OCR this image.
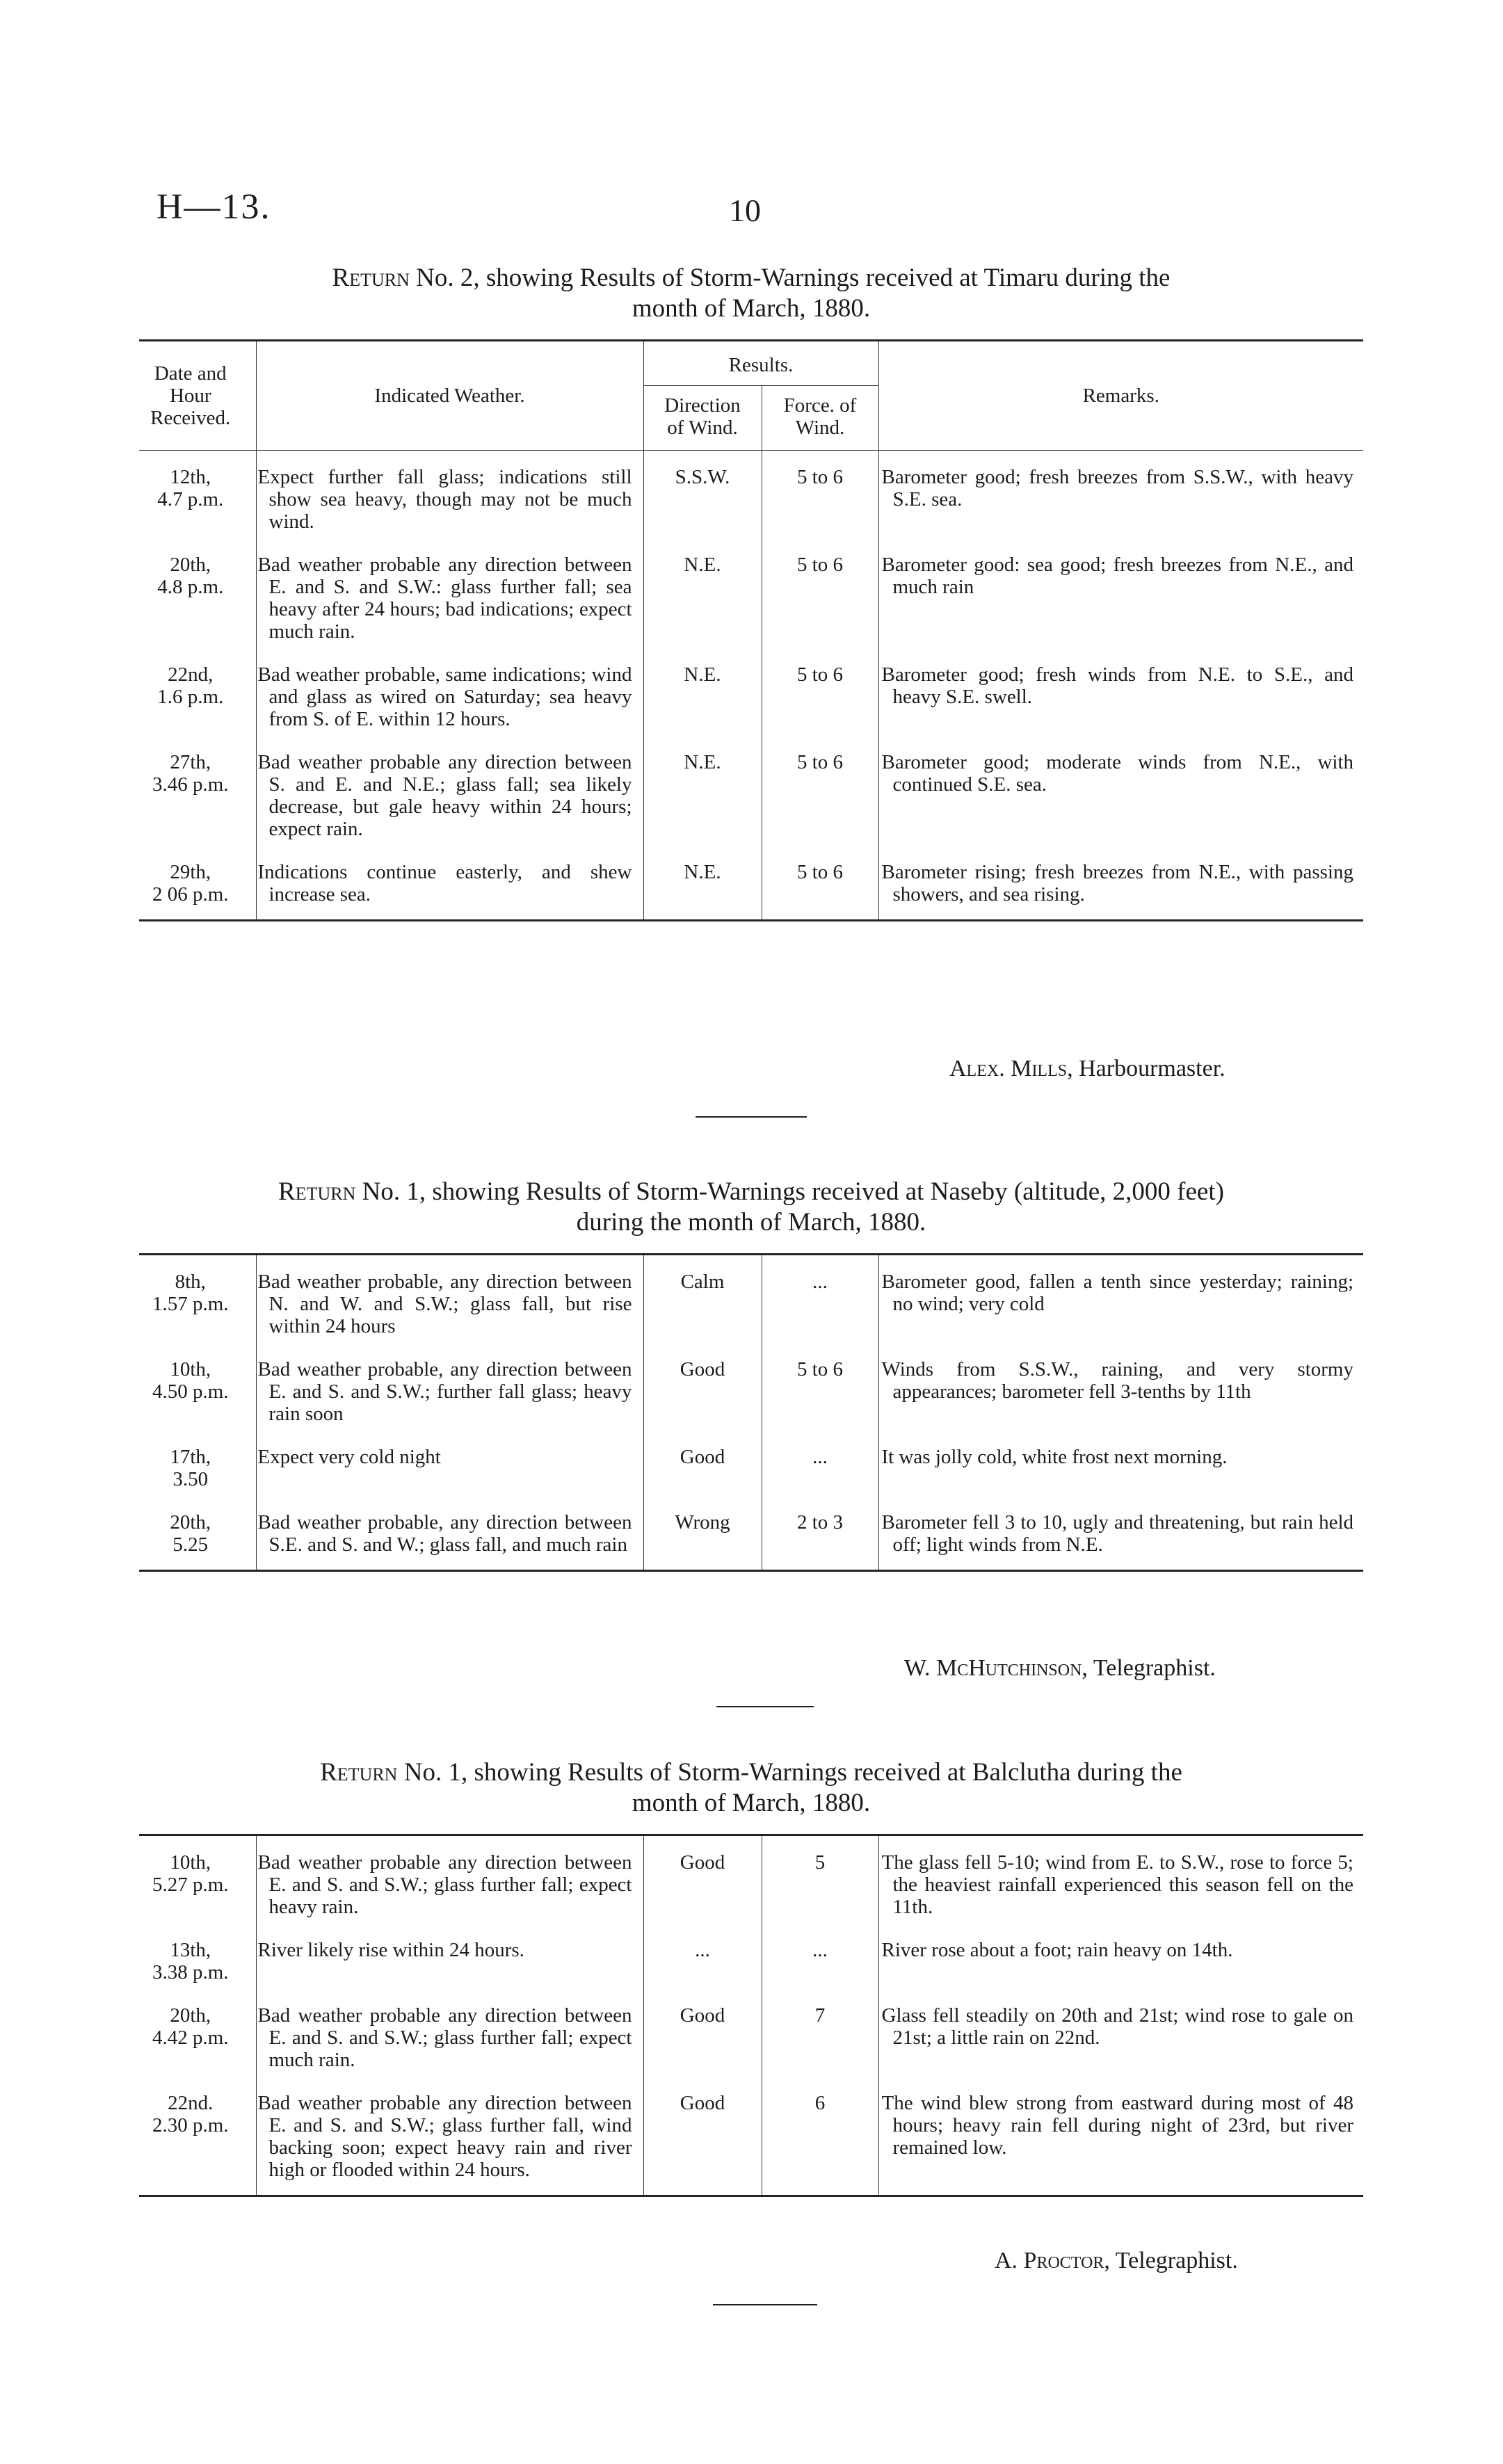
H—13.	10
Return No. 2, showing Results of Storm-Warnings received at Timaru during the
month of March, 1880.
Date and Hour Received.	Indicated Weather.	Results.		Remarks.
		Direction of Wind.	Force. of Wind.	
12th,
4.7 p.m.	Expect further fall glass; indications still show sea heavy, though may not be much wind.	S.S.W.	5 to 6	Barometer good; fresh breezes from S.S.W., with heavy S.E. sea.
20th,
4.8 p.m.	Bad weather probable any direction between E. and S. and S.W.: glass further fall; sea heavy after 24 hours; bad indications; expect much rain.	N.E.	5 to 6	Barometer good: sea good; fresh breezes from N.E., and much rain
22nd,
1.6 p.m.	Bad weather probable, same indications; wind and glass as wired on Saturday; sea heavy from S. of E. within 12 hours.	N.E.	5 to 6	Barometer good; fresh winds from N.E. to S.E., and heavy S.E. swell.
27th,
3.46 p.m.	Bad weather probable any direction between S. and E. and N.E.; glass fall; sea likely decrease, but gale heavy within 24 hours; expect rain.	N.E.	5 to 6	Barometer good; moderate winds from N.E., with continued S.E. sea.
29th,
2 06 p.m.	Indications continue easterly, and shew increase sea.	N.E.	5 to 6	Barometer rising; fresh breezes from N.E., with passing showers, and sea rising.
Alex. Mills, Harbourmaster.
Return No. 1, showing Results of Storm-Warnings received at Naseby (altitude, 2,000 feet)
during the month of March, 1880.
8th,
1.57 p.m.	Bad weather probable, any direction between N. and W. and S.W.; glass fall, but rise within 24 hours	Calm	...	Barometer good, fallen a tenth since yesterday; raining; no wind; very cold
10th,
4.50 p.m.	Bad weather probable, any direction between E. and S. and S.W.; further fall glass; heavy rain soon	Good	5 to 6	Winds from S.S.W., raining, and very stormy appearances; barometer fell 3-tenths by 11th
17th,
3.50	Expect very cold night	Good	...	It was jolly cold, white frost next morning.
20th,
5.25	Bad weather probable, any direction between S.E. and S. and W.; glass fall, and much rain	Wrong	2 to 3	Barometer fell 3 to 10, ugly and threatening, but rain held off; light winds from N.E.
W. McHutchinson, Telegraphist.
Return No. 1, showing Results of Storm-Warnings received at Balclutha during the
month of March, 1880.
10th,
5.27 p.m.	Bad weather probable any direction between E. and S. and S.W.; glass further fall; expect heavy rain.	Good	5	The glass fell 5-10; wind from E. to S.W., rose to force 5; the heaviest rainfall experienced this season fell on the 11th.
13th,
3.38 p.m.	River likely rise within 24 hours.	...	...	River rose about a foot; rain heavy on 14th.
20th,
4.42 p.m.	Bad weather probable any direction between E. and S. and S.W.; glass further fall; expect much rain.	Good	7	Glass fell steadily on 20th and 21st; wind rose to gale on 21st; a little rain on 22nd.
22nd.
2.30 p.m.	Bad weather probable any direction between E. and S. and S.W.; glass further fall, wind backing soon; expect heavy rain and river high or flooded within 24 hours.	Good	6	The wind blew strong from eastward during most of 48 hours; heavy rain fell during night of 23rd, but river remained low.
A. Proctor, Telegraphist.
